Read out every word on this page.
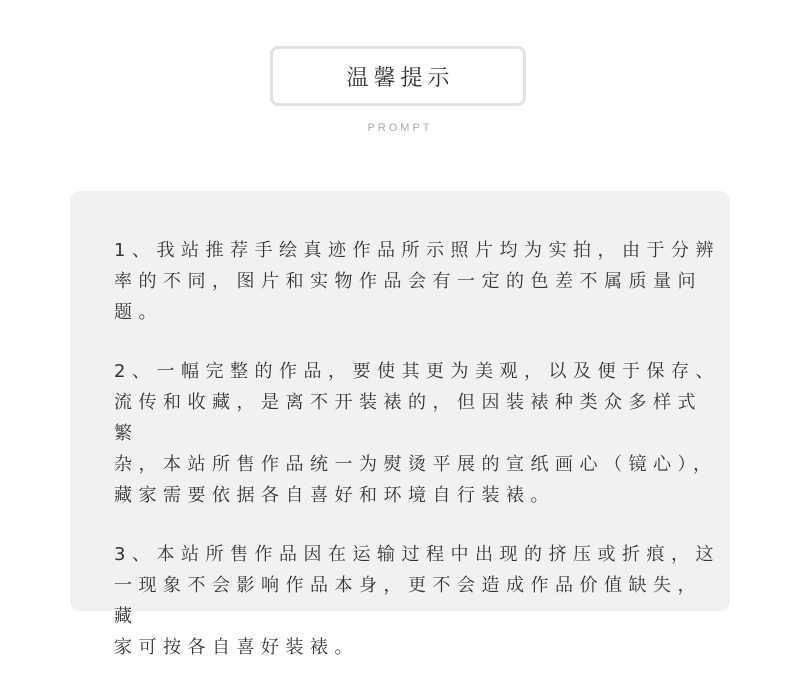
温馨提示
PROMPT

1、我站推荐手绘真迹作品所示照片均为实拍，由于分辨
率的不同，图片和实物作品会有一定的色差不属质量问题。

2、一幅完整的作品，要使其更为美观，以及便于保存、
流传和收藏，是离不开装裱的，但因装裱种类众多样式繁
杂，本站所售作品统一为熨烫平展的宣纸画心（镜心），
藏家需要依据各自喜好和环境自行装裱。

3、本站所售作品因在运输过程中出现的挤压或折痕，这
一现象不会影响作品本身，更不会造成作品价值缺失，藏
家可按各自喜好装裱。
